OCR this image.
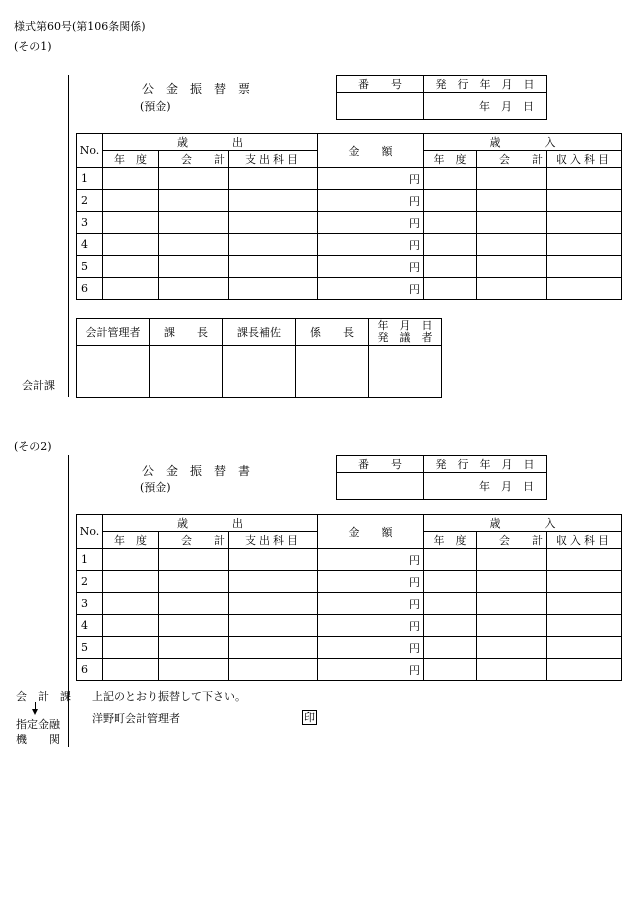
様式第60号(第106条関係)
(その1)
公　金　振　替　票
(預金)
番　　号	発　行　年　月　日
	年　月　日
No.	歳　　　　出			金　　額	歳　　　　入		
	年　度	会　　計	支出科目		年　度	会　　計	収入科目
1				円			
2				円			
3				円			
4				円			
5				円			
6				円			
会計管理者	課　　長	課長補佐	係　　長	年　月　日
発　議　者

会計課
(その2)
公　金　振　替　書
(預金)
番　　号	発　行　年　月　日
	年　月　日
No.	歳　　　　出			金　　額	歳　　　　入		
	年　度	会　　計	支出科目		年　度	会　　計	収入科目
1				円			
2				円			
3				円			
4				円			
5				円			
6				円			
会　計　課
指定金融
機　　関
上記のとおり振替して下さい。
洋野町会計管理者	印
